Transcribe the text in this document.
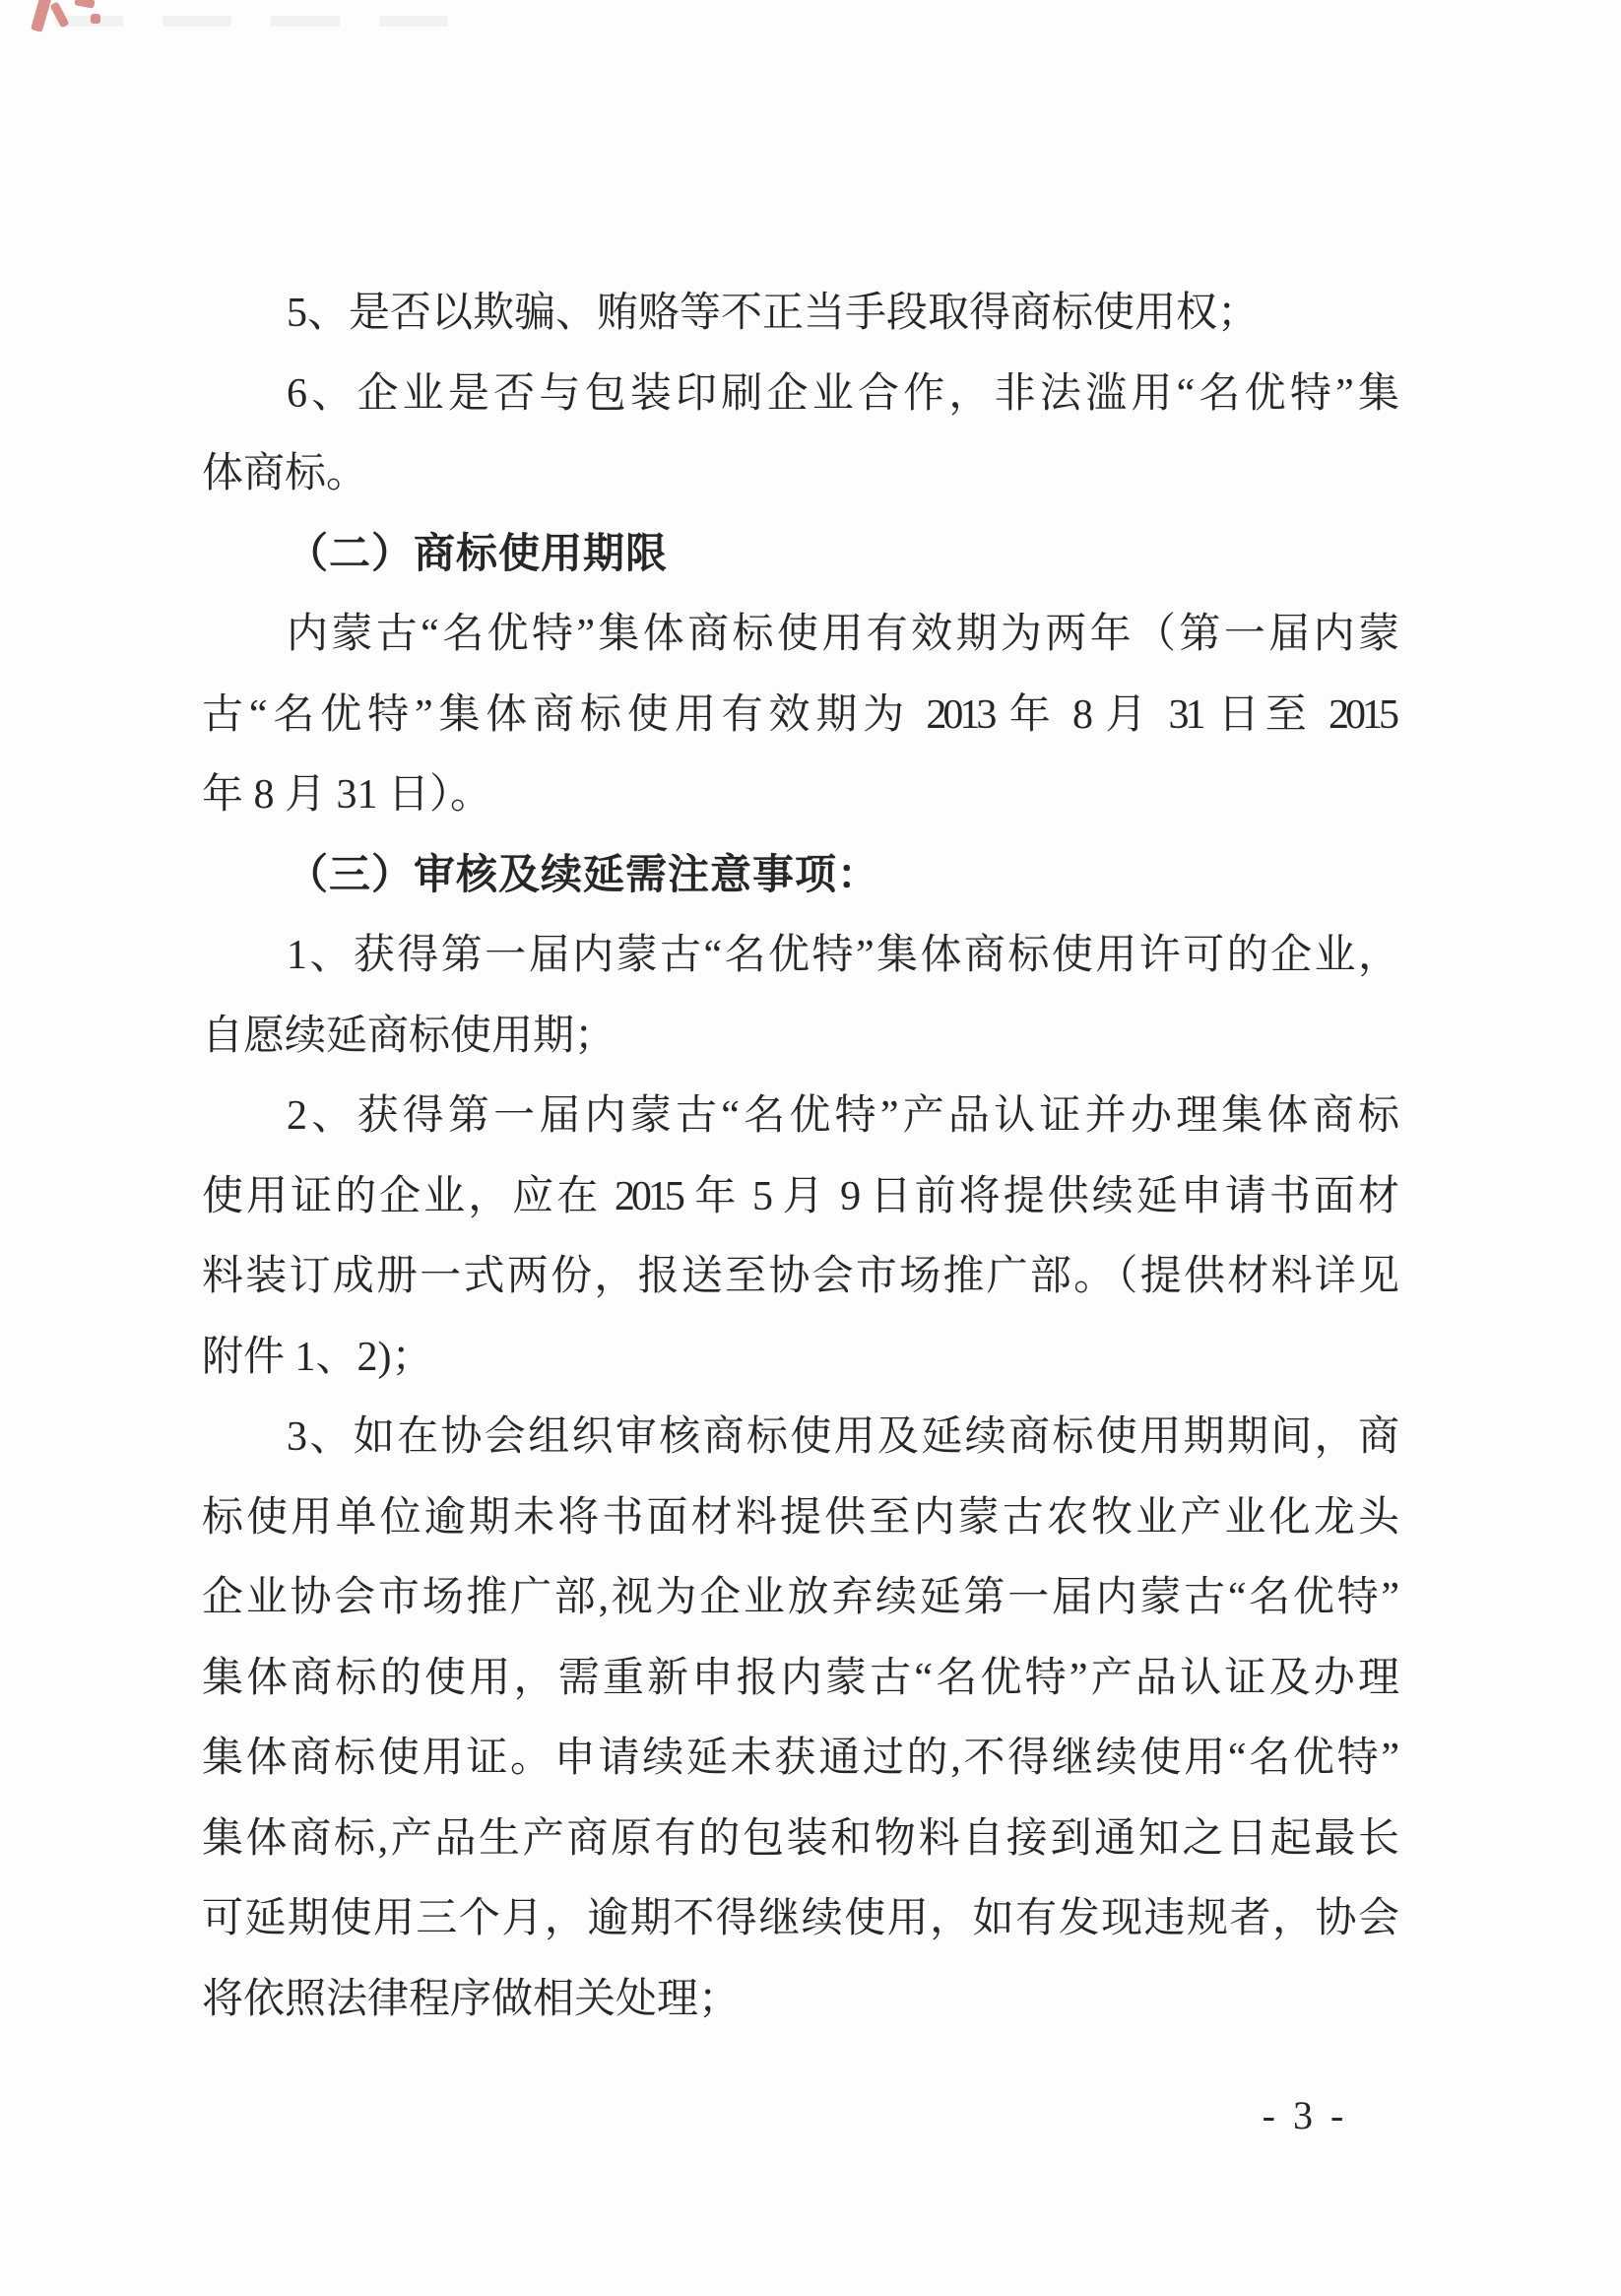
5、是否以欺骗、贿赂等不正当手段取得商标使用权；
6、企业是否与包装印刷企业合作，非法滥用“名优特”集
体商标。
（二）商标使用期限
内蒙古“名优特”集体商标使用有效期为两年（第一届内蒙
古“名优特”集体商标使用有效期为 2013 年 8 月 31 日至 2015
年 8 月 31 日）。
（三）审核及续延需注意事项：
1、获得第一届内蒙古“名优特”集体商标使用许可的企业，
自愿续延商标使用期；
2、获得第一届内蒙古“名优特”产品认证并办理集体商标
使用证的企业，应在 2015 年 5 月 9 日前将提供续延申请书面材
料装订成册一式两份，报送至协会市场推广部。（提供材料详见
附件 1、2)；
3、如在协会组织审核商标使用及延续商标使用期期间，商
标使用单位逾期未将书面材料提供至内蒙古农牧业产业化龙头
企业协会市场推广部,视为企业放弃续延第一届内蒙古“名优特”
集体商标的使用，需重新申报内蒙古“名优特”产品认证及办理
集体商标使用证。申请续延未获通过的,不得继续使用“名优特”
集体商标,产品生产商原有的包装和物料自接到通知之日起最长
可延期使用三个月，逾期不得继续使用，如有发现违规者，协会
将依照法律程序做相关处理；
- 3 -
